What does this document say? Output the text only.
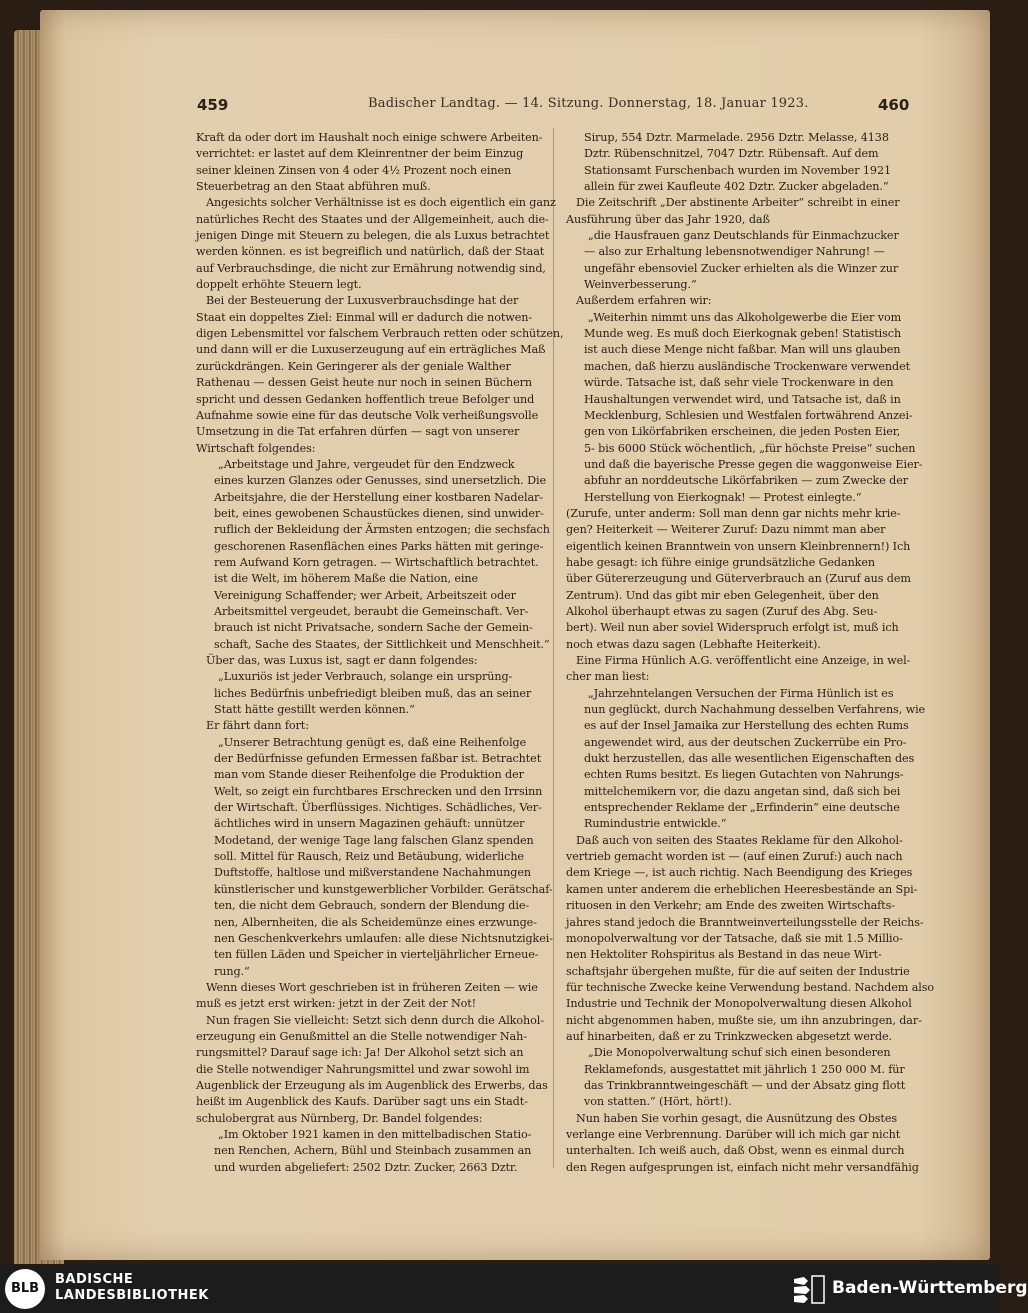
459	Badischer Landtag. — 14. Sitzung. Donnerstag, 18. Januar 1923.	460
Kraft da oder dort im Haushalt noch einige schwere Arbeiten-
verrichtet: er lastet auf dem Kleinrentner der beim Einzug
seiner kleinen Zinsen von 4 oder 4½ Prozent noch einen
Steuerbetrag an den Staat abführen muß.
Angesichts solcher Verhältnisse ist es doch eigentlich ein ganz
natürliches Recht des Staates und der Allgemeinheit, auch die-
jenigen Dinge mit Steuern zu belegen, die als Luxus betrachtet
werden können. es ist begreiflich und natürlich, daß der Staat
auf Verbrauchsdinge, die nicht zur Ernährung notwendig sind,
doppelt erhöhte Steuern legt.
Bei der Besteuerung der Luxusverbrauchsdinge hat der
Staat ein doppeltes Ziel: Einmal will er dadurch die notwen-
digen Lebensmittel vor falschem Verbrauch retten oder schützen,
und dann will er die Luxuserzeugung auf ein erträgliches Maß
zurückdrängen. Kein Geringerer als der geniale Walther
Rathenau — dessen Geist heute nur noch in seinen Büchern
spricht und dessen Gedanken hoffentlich treue Befolger und
Aufnahme sowie eine für das deutsche Volk verheißungsvolle
Umsetzung in die Tat erfahren dürfen — sagt von unserer
Wirtschaft folgendes:
„Arbeitstage und Jahre, vergeudet für den Endzweck
eines kurzen Glanzes oder Genusses, sind unersetzlich. Die
Arbeitsjahre, die der Herstellung einer kostbaren Nadelar-
beit, eines gewobenen Schaustückes dienen, sind unwider-
ruflich der Bekleidung der Ärmsten entzogen; die sechsfach
geschorenen Rasenflächen eines Parks hätten mit geringe-
rem Aufwand Korn getragen. — Wirtschaftlich betrachtet.
ist die Welt, im höherem Maße die Nation, eine
Vereinigung Schaffender; wer Arbeit, Arbeitszeit oder
Arbeitsmittel vergeudet, beraubt die Gemeinschaft. Ver-
brauch ist nicht Privatsache, sondern Sache der Gemein-
schaft, Sache des Staates, der Sittlichkeit und Menschheit.“
Über das, was Luxus ist, sagt er dann folgendes:
„Luxuriös ist jeder Verbrauch, solange ein ursprüng-
liches Bedürfnis unbefriedigt bleiben muß, das an seiner
Statt hätte gestillt werden können.“
Er fährt dann fort:
„Unserer Betrachtung genügt es, daß eine Reihenfolge
der Bedürfnisse gefunden Ermessen faßbar ist. Betrachtet
man vom Stande dieser Reihenfolge die Produktion der
Welt, so zeigt ein furchtbares Erschrecken und den Irrsinn
der Wirtschaft. Überflüssiges. Nichtiges. Schädliches, Ver-
ächtliches wird in unsern Magazinen gehäuft: unnützer
Modetand, der wenige Tage lang falschen Glanz spenden
soll. Mittel für Rausch, Reiz und Betäubung, widerliche
Duftstoffe, haltlose und mißverstandene Nachahmungen
künstlerischer und kunstgewerblicher Vorbilder. Gerätschaf-
ten, die nicht dem Gebrauch, sondern der Blendung die-
nen, Albernheiten, die als Scheidemünze eines erzwunge-
nen Geschenkverkehrs umlaufen: alle diese Nichtsnutzigkei-
ten füllen Läden und Speicher in vierteljährlicher Erneue-
rung.“
Wenn dieses Wort geschrieben ist in früheren Zeiten — wie
muß es jetzt erst wirken: jetzt in der Zeit der Not!
Nun fragen Sie vielleicht: Setzt sich denn durch die Alkohol-
erzeugung ein Genußmittel an die Stelle notwendiger Nah-
rungsmittel? Darauf sage ich: Ja! Der Alkohol setzt sich an
die Stelle notwendiger Nahrungsmittel und zwar sowohl im
Augenblick der Erzeugung als im Augenblick des Erwerbs, das
heißt im Augenblick des Kaufs. Darüber sagt uns ein Stadt-
schulobergrat aus Nürnberg, Dr. Bandel folgendes:
„Im Oktober 1921 kamen in den mittelbadischen Statio-
nen Renchen, Achern, Bühl und Steinbach zusammen an
und wurden abgeliefert: 2502 Dztr. Zucker, 2663 Dztr.
Sirup, 554 Dztr. Marmelade. 2956 Dztr. Melasse, 4138
Dztr. Rübenschnitzel, 7047 Dztr. Rübensaft. Auf dem
Stationsamt Furschenbach wurden im November 1921
allein für zwei Kaufleute 402 Dztr. Zucker abgeladen.“
Die Zeitschrift „Der abstinente Arbeiter“ schreibt in einer
Ausführung über das Jahr 1920, daß
„die Hausfrauen ganz Deutschlands für Einmachzucker
— also zur Erhaltung lebensnotwendiger Nahrung! —
ungefähr ebensoviel Zucker erhielten als die Winzer zur
Weinverbesserung.“
Außerdem erfahren wir:
„Weiterhin nimmt uns das Alkoholgewerbe die Eier vom
Munde weg. Es muß doch Eierkognak geben! Statistisch
ist auch diese Menge nicht faßbar. Man will uns glauben
machen, daß hierzu ausländische Trockenware verwendet
würde. Tatsache ist, daß sehr viele Trockenware in den
Haushaltungen verwendet wird, und Tatsache ist, daß in
Mecklenburg, Schlesien und Westfalen fortwährend Anzei-
gen von Likörfabriken erscheinen, die jeden Posten Eier,
5- bis 6000 Stück wöchentlich, „für höchste Preise“ suchen
und daß die bayerische Presse gegen die waggonweise Eier-
abfuhr an norddeutsche Likörfabriken — zum Zwecke der
Herstellung von Eierkognak! — Protest einlegte.“
(Zurufe, unter anderm: Soll man denn gar nichts mehr krie-
gen? Heiterkeit — Weiterer Zuruf: Dazu nimmt man aber
eigentlich keinen Branntwein von unsern Kleinbrennern!) Ich
habe gesagt: ich führe einige grundsätzliche Gedanken
über Gütererzeugung und Güterverbrauch an (Zuruf aus dem
Zentrum). Und das gibt mir eben Gelegenheit, über den
Alkohol überhaupt etwas zu sagen (Zuruf des Abg. Seu-
bert). Weil nun aber soviel Widerspruch erfolgt ist, muß ich
noch etwas dazu sagen (Lebhafte Heiterkeit).
Eine Firma Hünlich A.G. veröffentlicht eine Anzeige, in wel-
cher man liest:
„Jahrzehntelangen Versuchen der Firma Hünlich ist es
nun geglückt, durch Nachahmung desselben Verfahrens, wie
es auf der Insel Jamaika zur Herstellung des echten Rums
angewendet wird, aus der deutschen Zuckerrübe ein Pro-
dukt herzustellen, das alle wesentlichen Eigenschaften des
echten Rums besitzt. Es liegen Gutachten von Nahrungs-
mittelchemikern vor, die dazu angetan sind, daß sich bei
entsprechender Reklame der „Erfinderin“ eine deutsche
Rumindustrie entwickle.“
Daß auch von seiten des Staates Reklame für den Alkohol-
vertrieb gemacht worden ist — (auf einen Zuruf:) auch nach
dem Kriege —, ist auch richtig. Nach Beendigung des Krieges
kamen unter anderem die erheblichen Heeresbestände an Spi-
rituosen in den Verkehr; am Ende des zweiten Wirtschafts-
jahres stand jedoch die Branntweinverteilungsstelle der Reichs-
monopolverwaltung vor der Tatsache, daß sie mit 1.5 Millio-
nen Hektoliter Rohspiritus als Bestand in das neue Wirt-
schaftsjahr übergehen mußte, für die auf seiten der Industrie
für technische Zwecke keine Verwendung bestand. Nachdem also
Industrie und Technik der Monopolverwaltung diesen Alkohol
nicht abgenommen haben, mußte sie, um ihn anzubringen, dar-
auf hinarbeiten, daß er zu Trinkzwecken abgesetzt werde.
„Die Monopolverwaltung schuf sich einen besonderen
Reklamefonds, ausgestattet mit jährlich 1 250 000 M. für
das Trinkbranntweingeschäft — und der Absatz ging flott
von statten.“ (Hört, hört!).
Nun haben Sie vorhin gesagt, die Ausnützung des Obstes
verlange eine Verbrennung. Darüber will ich mich gar nicht
unterhalten. Ich weiß auch, daß Obst, wenn es einmal durch
den Regen aufgesprungen ist, einfach nicht mehr versandfähig
BLB
BADISCHE
LANDESBIBLIOTHEK	Baden-Württemberg
